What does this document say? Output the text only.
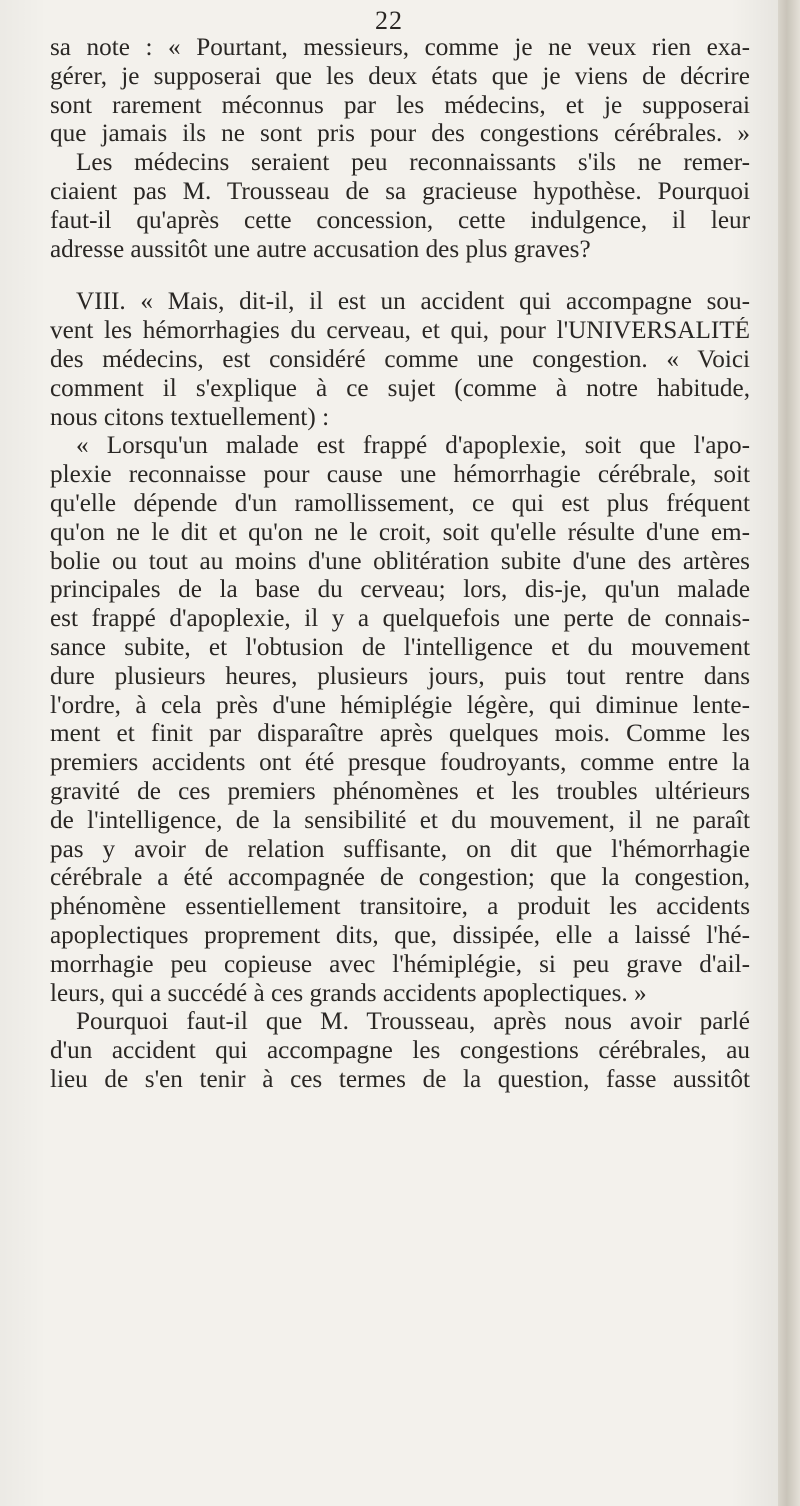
22
sa note : « Pourtant, messieurs, comme je ne veux rien exa-
gérer, je supposerai que les deux états que je viens de décrire
sont rarement méconnus par les médecins, et je supposerai
que jamais ils ne sont pris pour des congestions cérébrales. »
Les médecins seraient peu reconnaissants s'ils ne remer-
ciaient pas M. Trousseau de sa gracieuse hypothèse. Pourquoi
faut-il qu'après cette concession, cette indulgence, il leur
adresse aussitôt une autre accusation des plus graves?
VIII. « Mais, dit-il, il est un accident qui accompagne sou-
vent les hémorrhagies du cerveau, et qui, pour l'UNIVERSALITÉ
des médecins, est considéré comme une congestion. « Voici
comment il s'explique à ce sujet (comme à notre habitude,
nous citons textuellement) :
« Lorsqu'un malade est frappé d'apoplexie, soit que l'apo-
plexie reconnaisse pour cause une hémorrhagie cérébrale, soit
qu'elle dépende d'un ramollissement, ce qui est plus fréquent
qu'on ne le dit et qu'on ne le croit, soit qu'elle résulte d'une em-
bolie ou tout au moins d'une oblitération subite d'une des artères
principales de la base du cerveau; lors, dis-je, qu'un malade
est frappé d'apoplexie, il y a quelquefois une perte de connais-
sance subite, et l'obtusion de l'intelligence et du mouvement
dure plusieurs heures, plusieurs jours, puis tout rentre dans
l'ordre, à cela près d'une hémiplégie légère, qui diminue lente-
ment et finit par disparaître après quelques mois. Comme les
premiers accidents ont été presque foudroyants, comme entre la
gravité de ces premiers phénomènes et les troubles ultérieurs
de l'intelligence, de la sensibilité et du mouvement, il ne paraît
pas y avoir de relation suffisante, on dit que l'hémorrhagie
cérébrale a été accompagnée de congestion; que la congestion,
phénomène essentiellement transitoire, a produit les accidents
apoplectiques proprement dits, que, dissipée, elle a laissé l'hé-
morrhagie peu copieuse avec l'hémiplégie, si peu grave d'ail-
leurs, qui a succédé à ces grands accidents apoplectiques. »
Pourquoi faut-il que M. Trousseau, après nous avoir parlé
d'un accident qui accompagne les congestions cérébrales, au
lieu de s'en tenir à ces termes de la question, fasse aussitôt
